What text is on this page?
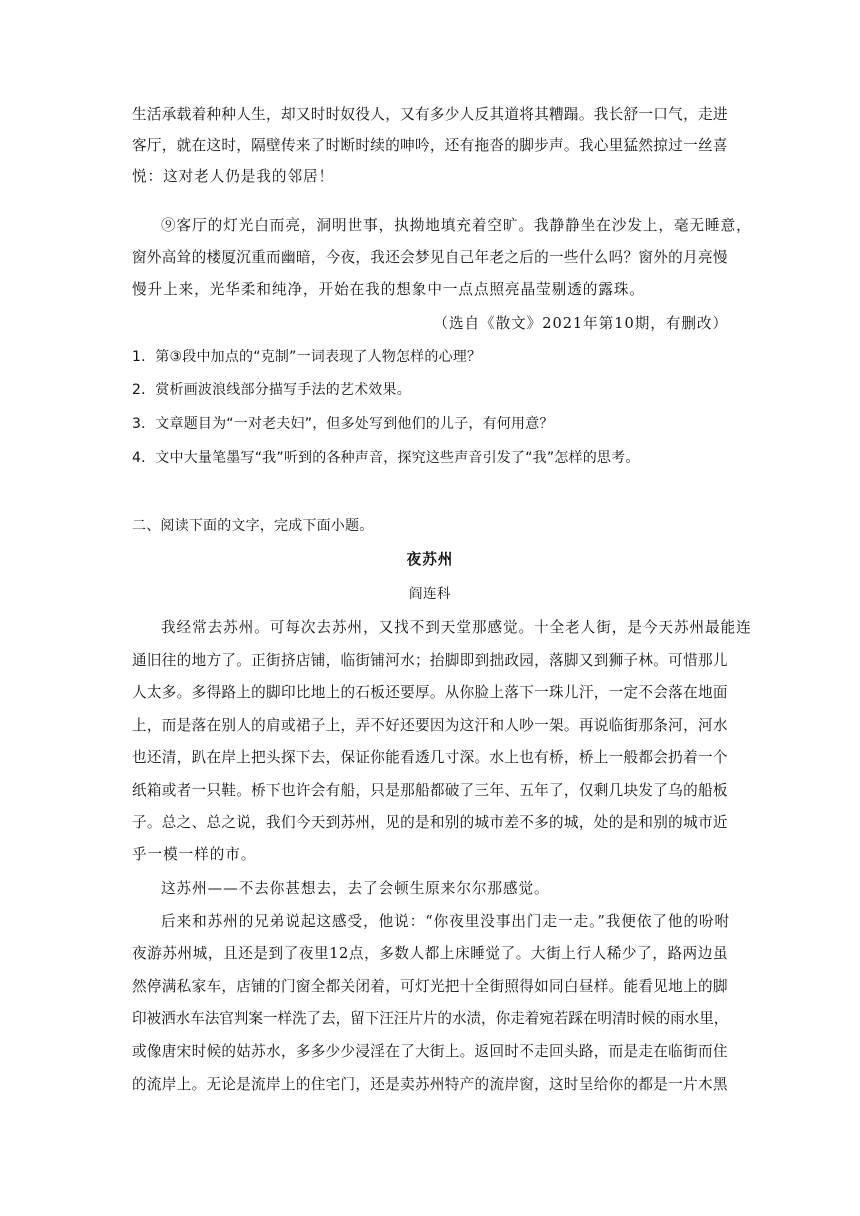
生活承载着种种人生，却又时时奴役人，又有多少人反其道将其糟蹋。我长舒一口气，走进
客厅，就在这时，隔壁传来了时断时续的呻吟，还有拖沓的脚步声。我心里猛然掠过一丝喜
悦：这对老人仍是我的邻居！
⑨客厅的灯光白而亮，洞明世事，执拗地填充着空旷。我静静坐在沙发上，毫无睡意，
窗外高耸的楼厦沉重而幽暗，今夜，我还会梦见自己年老之后的一些什么吗？窗外的月亮慢
慢升上来，光华柔和纯净，开始在我的想象中一点点照亮晶莹剔透的露珠。
（选自《散文》2021年第10期，有删改）
1．第③段中加点的“克制”一词表现了人物怎样的心理？
2．赏析画波浪线部分描写手法的艺术效果。
3．文章题目为“一对老夫妇”，但多处写到他们的儿子，有何用意？
4．文中大量笔墨写“我”听到的各种声音，探究这些声音引发了“我”怎样的思考。
二、阅读下面的文字，完成下面小题。
夜苏州
阎连科
我经常去苏州。可每次去苏州，又找不到天堂那感觉。十全老人街，是今天苏州最能连
通旧往的地方了。正街挤店铺，临街铺河水；抬脚即到拙政园，落脚又到狮子林。可惜那儿
人太多。多得路上的脚印比地上的石板还要厚。从你脸上落下一珠儿汗，一定不会落在地面
上，而是落在别人的肩或裙子上，弄不好还要因为这汗和人吵一架。再说临街那条河，河水
也还清，趴在岸上把头探下去，保证你能看透几寸深。水上也有桥，桥上一般都会扔着一个
纸箱或者一只鞋。桥下也许会有船，只是那船都破了三年、五年了，仅剩几块发了乌的船板
子。总之、总之说，我们今天到苏州，见的是和别的城市差不多的城，处的是和别的城市近
乎一模一样的市。
这苏州——不去你甚想去，去了会顿生原来尔尔那感觉。
后来和苏州的兄弟说起这感受，他说：“你夜里没事出门走一走。”我便依了他的吩咐
夜游苏州城，且还是到了夜里12点，多数人都上床睡觉了。大街上行人稀少了，路两边虽
然停满私家车，店铺的门窗全都关闭着，可灯光把十全街照得如同白昼样。能看见地上的脚
印被洒水车法官判案一样洗了去，留下汪汪片片的水渍，你走着宛若踩在明清时候的雨水里，
或像唐宋时候的姑苏水，多多少少浸淫在了大街上。返回时不走回头路，而是走在临街而住
的流岸上。无论是流岸上的住宅门，还是卖苏州特产的流岸窗，这时呈给你的都是一片木黑
